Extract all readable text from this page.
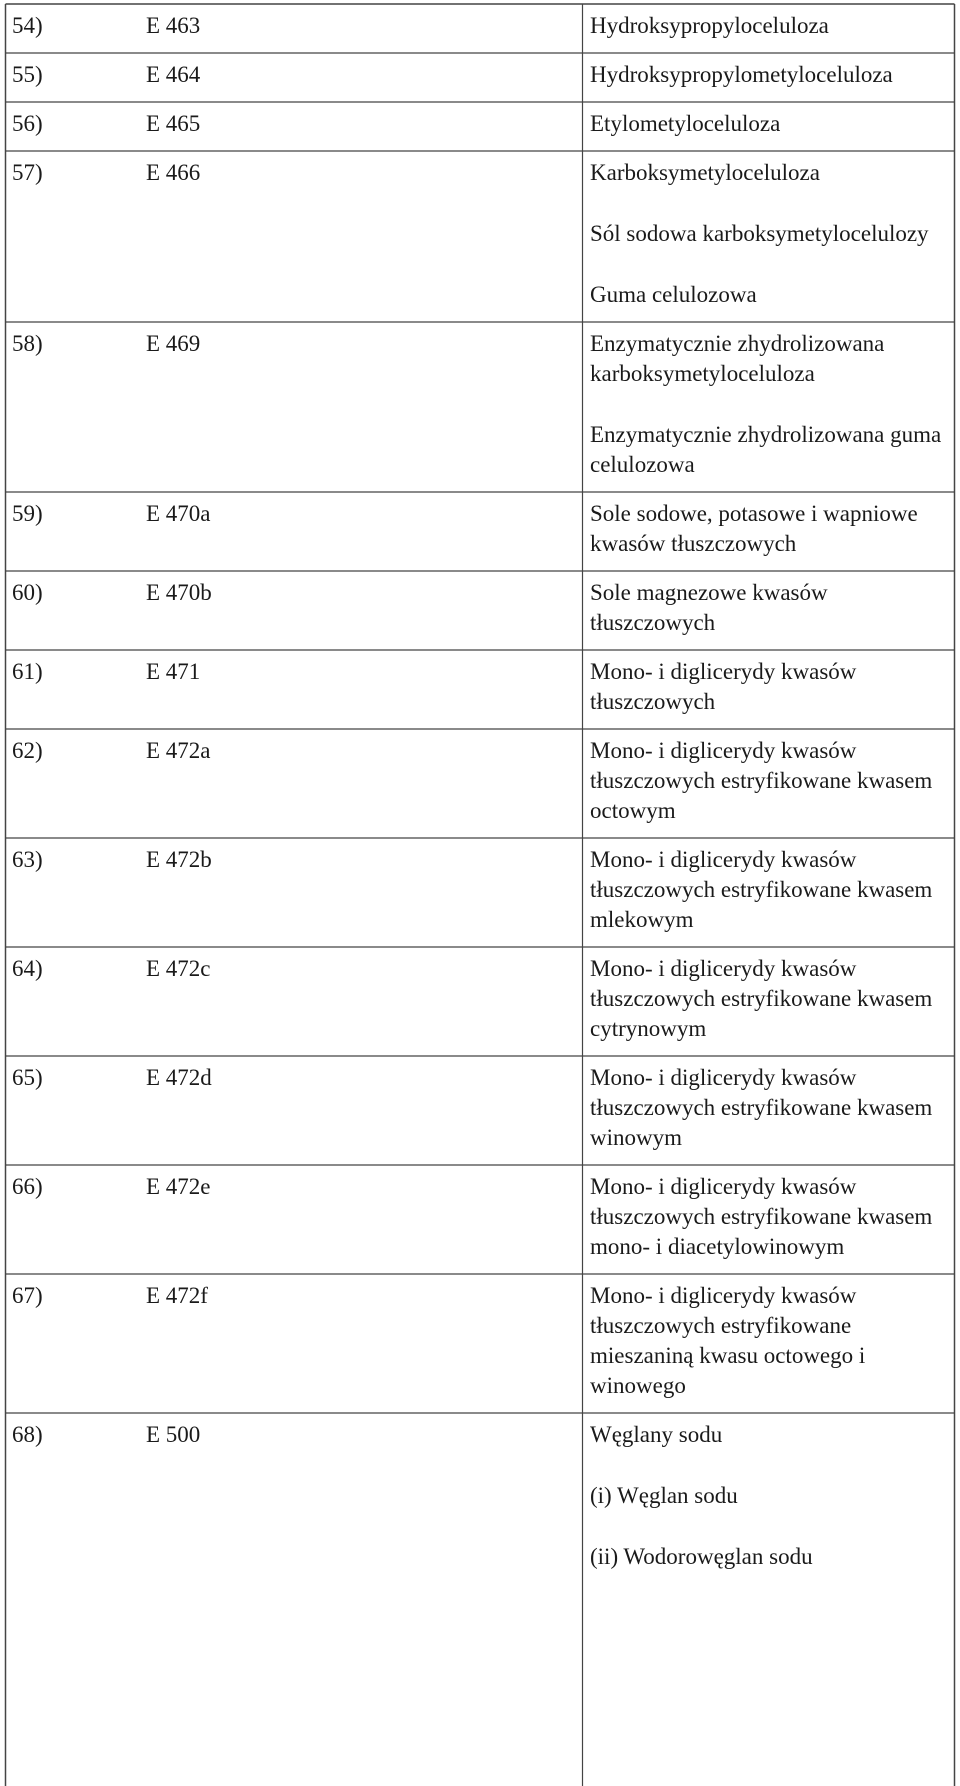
54)	E 463	Hydroksypropyloceluloza

55)	E 464	Hydroksypropylometyloceluloza

56)	E 465	Etylometyloceluloza

57)	E 466	Karboksymetyloceluloza
Sól sodowa karboksymetylocelulozy
Guma celulozowa

58)	E 469	Enzymatycznie zhydrolizowana karboksymetyloceluloza
Enzymatycznie zhydrolizowana guma celulozowa

59)	E 470a	Sole sodowe, potasowe i wapniowe kwasów tłuszczowych

60)	E 470b	Sole magnezowe kwasów tłuszczowych

61)	E 471	Mono- i diglicerydy kwasów tłuszczowych

62)	E 472a	Mono- i diglicerydy kwasów tłuszczowych estryfikowane kwasem octowym

63)	E 472b	Mono- i diglicerydy kwasów tłuszczowych estryfikowane kwasem mlekowym

64)	E 472c	Mono- i diglicerydy kwasów tłuszczowych estryfikowane kwasem cytrynowym

65)	E 472d	Mono- i diglicerydy kwasów tłuszczowych estryfikowane kwasem winowym

66)	E 472e	Mono- i diglicerydy kwasów tłuszczowych estryfikowane kwasem mono- i diacetylowinowym

67)	E 472f	Mono- i diglicerydy kwasów tłuszczowych estryfikowane mieszaniną kwasu octowego i winowego

68)	E 500	Węglany sodu
(i) Węglan sodu
(ii) Wodorowęglan sodu
